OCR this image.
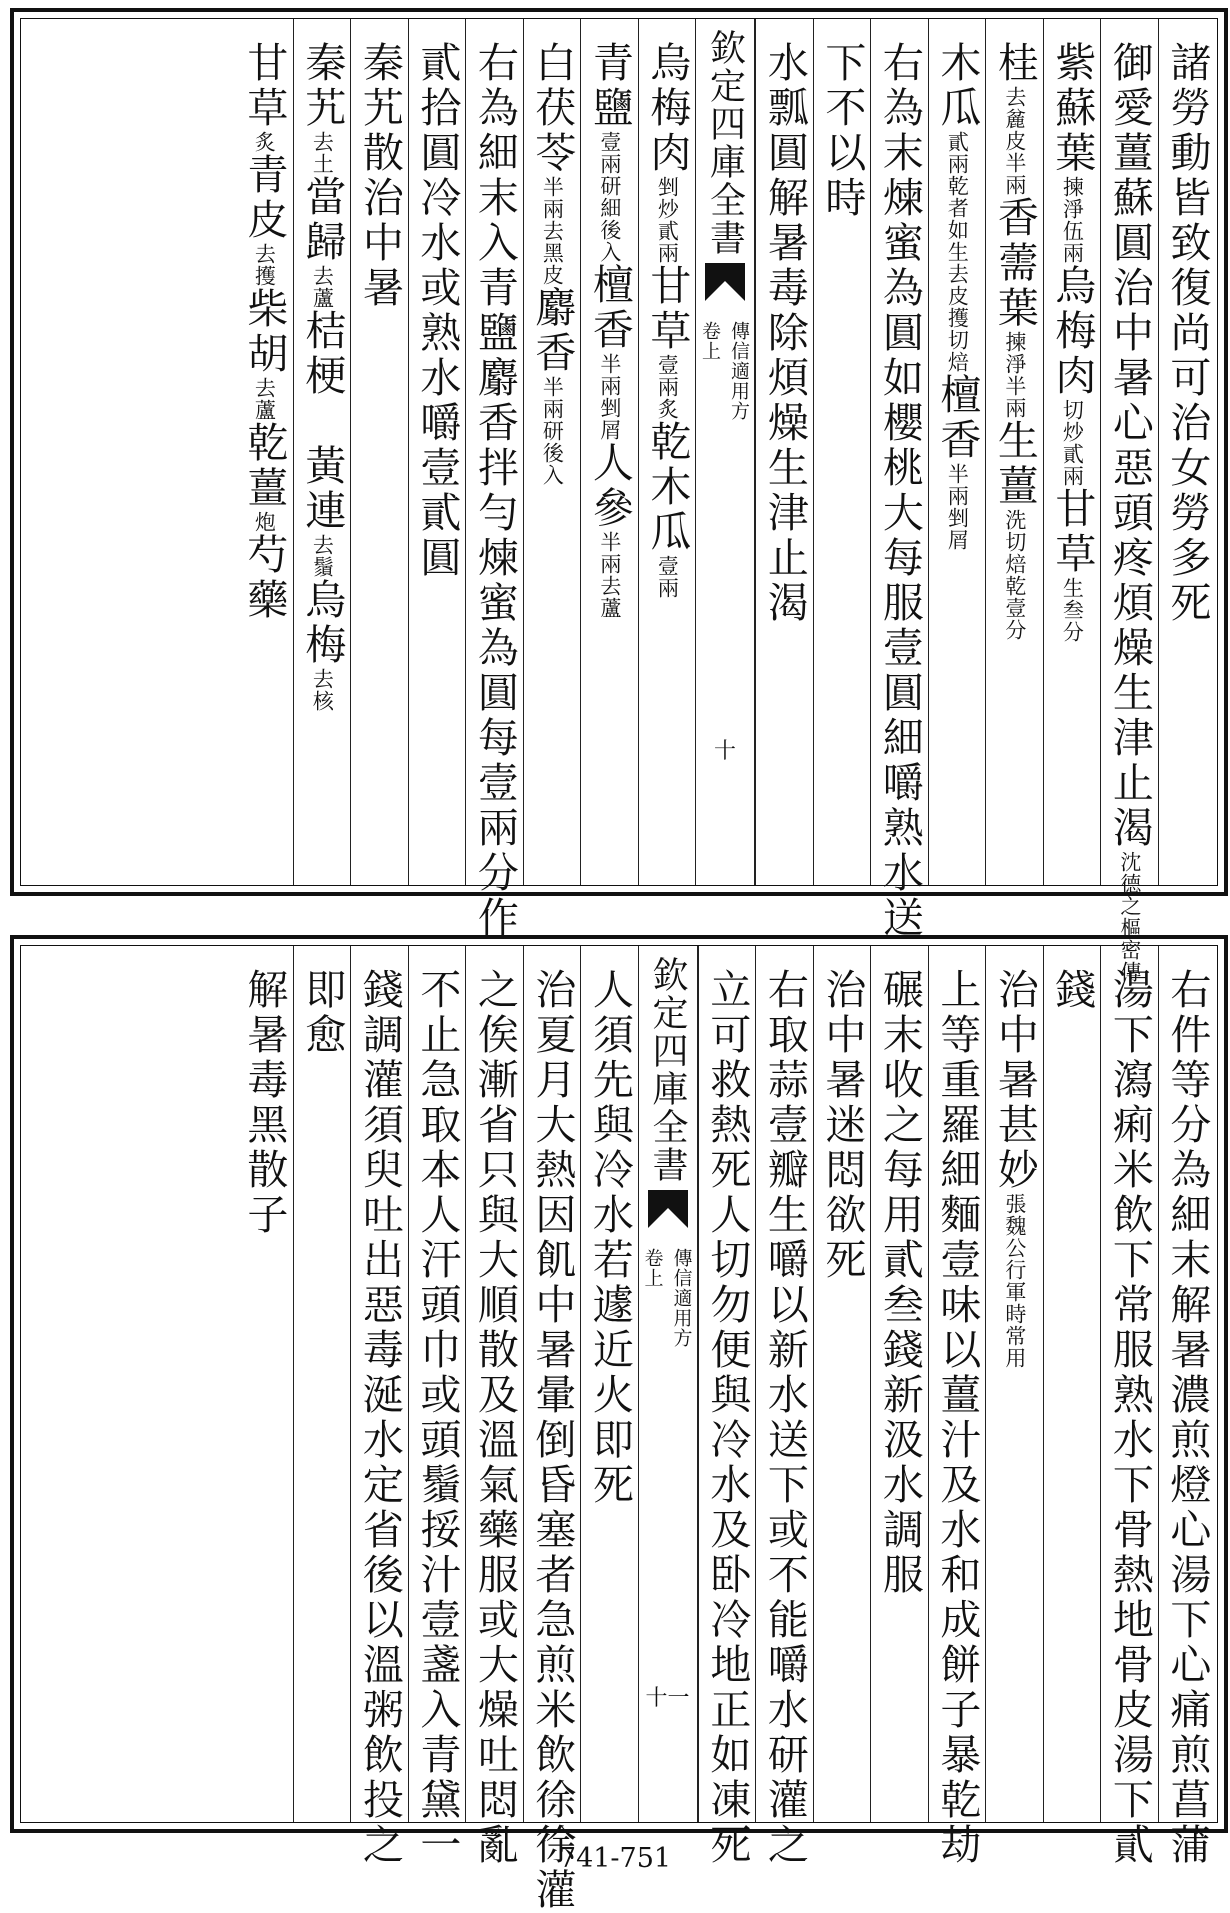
諸勞動皆致復尚可治女勞多死
御愛薑蘇圓治中暑心惡頭疼煩燥生津止渴沈德之樞密傳
紫蘇葉揀淨伍兩烏梅肉切炒貳兩甘草生叁分
桂去麄皮半兩香薷葉揀淨半兩生薑洗切焙乾壹分
木瓜貳兩乾者如生去皮擭切焙檀香半兩剉屑
右為末煉蜜為圓如櫻桃大每服壹圓細嚼熟水送
下不以時
水瓢圓解暑毒除煩燥生津止渴
欽定四庫全書
傳信適用方
卷上
十
烏梅肉剉炒貳兩甘草壹兩炙乾木瓜壹兩
青鹽壹兩研細後入檀香半兩剉屑人參半兩去蘆
白茯苓半兩去黑皮麝香半兩研後入
右為細末入青鹽麝香拌勻煉蜜為圓每壹兩分作
貳拾圓冷水或熟水嚼壹貳圓
秦艽散治中暑
秦艽去土當歸去蘆桔梗　黃連去鬚烏梅去核
甘草炙青皮去擭柴胡去蘆乾薑炮芍藥
右件等分為細末解暑濃煎燈心湯下心痛煎菖蒲
湯下瀉痢米飲下常服熟水下骨熱地骨皮湯下貳
錢
治中暑甚妙張魏公行軍時常用
上等重羅細麵壹味以薑汁及水和成餅子暴乾劫
碾末收之每用貳叁錢新汲水調服
治中暑迷悶欲死
右取蒜壹瓣生嚼以新水送下或不能嚼水研灌之
立可救熱死人切勿便與冷水及卧冷地正如凍死
欽定四庫全書
傳信適用方
卷上
十一
人須先與冷水若遽近火即死
治夏月大熱因飢中暑暈倒昏塞者急煎米飲徐徐灌
之俟漸省只與大順散及溫氣藥服或大燥吐悶亂
不止急取本人汗頭巾或頭鬚挼汁壹盞入青黛一
錢調灌須臾吐出惡毒涎水定省後以溫粥飲投之
即愈
解暑毒黑散子
741-751
